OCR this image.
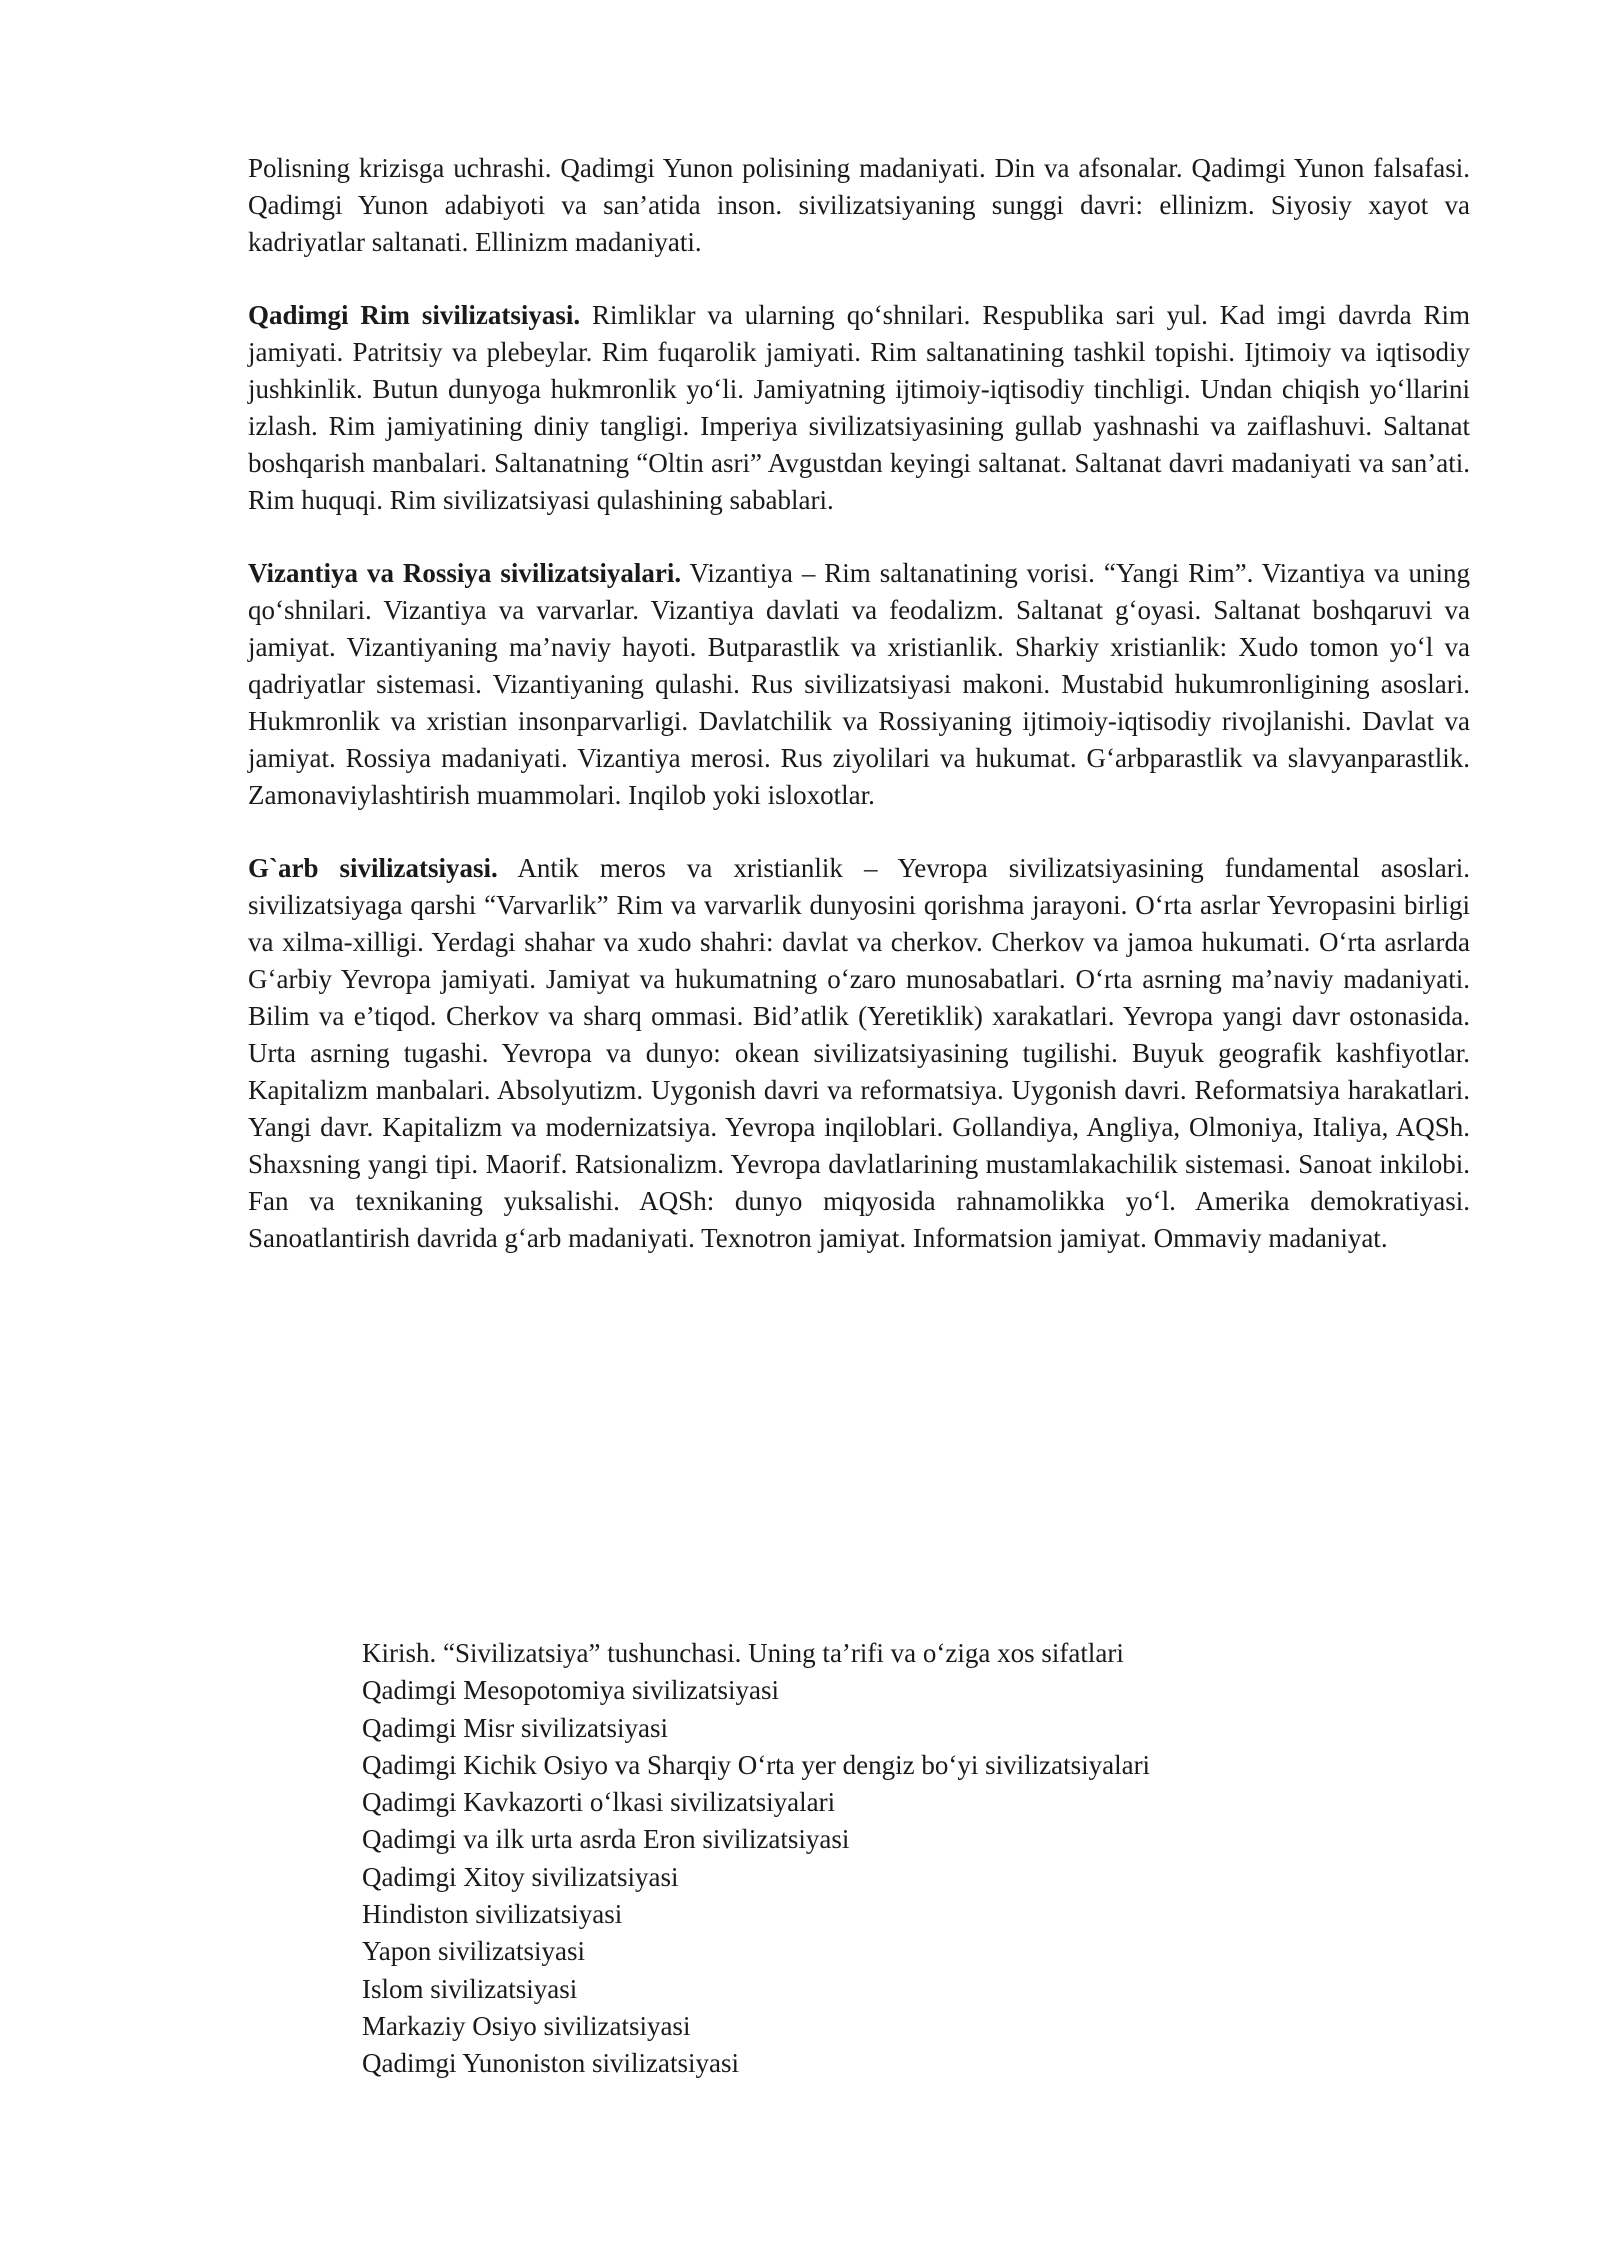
Polisning krizisga uchrashi. Qadimgi Yunon polisining madaniyati. Din va afsonalar. Qadimgi Yunon falsafasi. Qadimgi Yunon adabiyoti va san’atida inson. sivilizatsiyaning sunggi davri: ellinizm. Siyosiy xayot va kadriyatlar saltanati. Ellinizm madaniyati.

Qadimgi Rim sivilizatsiyasi. Rimliklar va ularning qo‘shnilari. Respublika sari yul. Kad imgi davrda Rim jamiyati. Patritsiy va plebeylar. Rim fuqarolik jamiyati. Rim saltanatining tashkil topishi. Ijtimoiy va iqtisodiy jushkinlik. Butun dunyoga hukmronlik yo‘li. Jamiyatning ijtimoiy-iqtisodiy tinchligi. Undan chiqish yo‘llarini izlash. Rim jamiyatining diniy tangligi. Imperiya sivilizatsiyasining gullab yashnashi va zaiflashuvi. Saltanat boshqarish manbalari. Saltanatning “Oltin asri” Avgustdan keyingi saltanat. Saltanat davri madaniyati va san’ati. Rim huquqi. Rim sivilizatsiyasi qulashining sabablari.

Vizantiya va Rossiya sivilizatsiyalari. Vizantiya – Rim saltanatining vorisi. “Yangi Rim”. Vizantiya va uning qo‘shnilari. Vizantiya va varvarlar. Vizantiya davlati va feodalizm. Saltanat g‘oyasi. Saltanat boshqaruvi va jamiyat. Vizantiyaning ma’naviy hayoti. Butparastlik va xristianlik. Sharkiy xristianlik: Xudo tomon yo‘l va qadriyatlar sistemasi. Vizantiyaning qulashi. Rus sivilizatsiyasi makoni. Mustabid hukumronligining asoslari. Hukmronlik va xristian insonparvarligi. Davlatchilik va Rossiyaning ijtimoiy-iqtisodiy rivojlanishi. Davlat va jamiyat. Rossiya madaniyati. Vizantiya merosi. Rus ziyolilari va hukumat. G‘arbparastlik va slavyanparastlik. Zamonaviylashtirish muammolari. Inqilob yoki isloxotlar.

G`arb sivilizatsiyasi. Antik meros va xristianlik – Yevropa sivilizatsiyasining fundamental asoslari. sivilizatsiyaga qarshi “Varvarlik” Rim va varvarlik dunyosini qorishma jarayoni. O‘rta asrlar Yevropasini birligi va xilma-xilligi. Yerdagi shahar va xudo shahri: davlat va cherkov. Cherkov va jamoa hukumati. O‘rta asrlarda G‘arbiy Yevropa jamiyati. Jamiyat va hukumatning o‘zaro munosabatlari. O‘rta asrning ma’naviy madaniyati. Bilim va e’tiqod. Cherkov va sharq ommasi. Bid’atlik (Yeretiklik) xarakatlari. Yevropa yangi davr ostonasida. Urta asrning tugashi. Yevropa va dunyo: okean sivilizatsiyasining tugilishi. Buyuk geografik kashfiyotlar. Kapitalizm manbalari. Absolyutizm. Uygonish davri va reformatsiya. Uygonish davri. Reformatsiya harakatlari. Yangi davr. Kapitalizm va modernizatsiya. Yevropa inqiloblari. Gollandiya, Angliya, Olmoniya, Italiya, AQSh. Shaxsning yangi tipi. Maorif. Ratsionalizm. Yevropa davlatlarining mustamlakachilik sistemasi. Sanoat inkilobi. Fan va texnikaning yuksalishi. AQSh: dunyo miqyosida rahnamolikka yo‘l. Amerika demokratiyasi. Sanoatlantirish davrida g‘arb madaniyati. Texnotron jamiyat. Informatsion jamiyat. Ommaviy madaniyat.

Kirish. “Sivilizatsiya” tushunchasi. Uning ta’rifi va o‘ziga xos sifatlari
Qadimgi Mesopotomiya sivilizatsiyasi
Qadimgi Misr sivilizatsiyasi
Qadimgi Kichik Osiyo va Sharqiy O‘rta yer dengiz bo‘yi sivilizatsiyalari
Qadimgi Kavkazorti o‘lkasi sivilizatsiyalari
Qadimgi va ilk urta asrda Eron sivilizatsiyasi
Qadimgi Xitoy sivilizatsiyasi
Hindiston sivilizatsiyasi
Yapon sivilizatsiyasi
Islom sivilizatsiyasi
Markaziy Osiyo sivilizatsiyasi
Qadimgi Yunoniston sivilizatsiyasi
